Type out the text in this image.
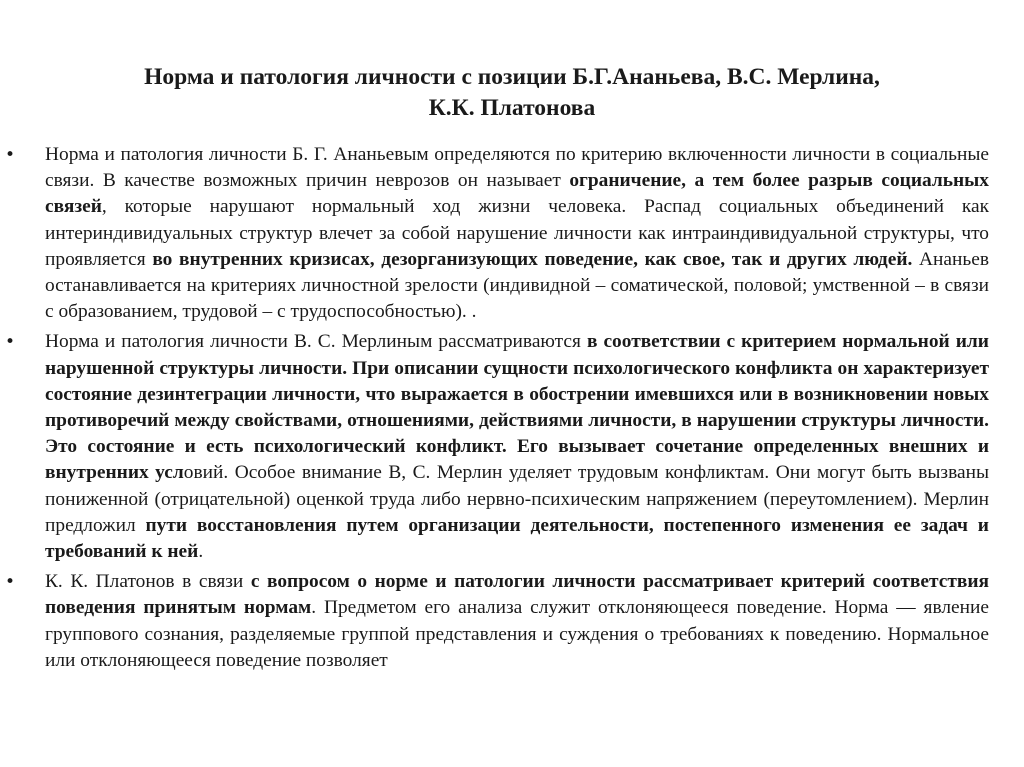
Норма и патология личности с позиции Б.Г.Ананьева, В.С. Мерлина,
К.К. Платонова
• Норма и патология личности Б. Г. Ананьевым определяются по критерию включенности личности в социальные связи. В качестве возможных причин неврозов он называет ограничение, а тем более разрыв социальных связей, которые нарушают нормальный ход жизни человека. Распад социальных объединений как интериндивидуальных структур влечет за собой нарушение личности как интраиндивидуальной структуры, что проявляется во внутренних кризисах, дезорганизующих поведение, как свое, так и других людей. Ананьев останавливается на критериях личностной зрелости (индивидной – соматической, половой; умственной – в связи с образованием, трудовой – с трудоспособностью). .
• Норма и патология личности В. С. Мерлиным рассматриваются в соответствии с критерием нормальной или нарушенной структуры личности. При описании сущности психологического конфликта он характеризует состояние дезинтеграции личности, что выражается в обострении имевшихся или в возникновении новых противоречий между свойствами, отношениями, действиями личности, в нарушении структуры личности. Это состояние и есть психологический конфликт. Его вызывает сочетание определенных внешних и внутренних условий. Особое внимание В, С. Мерлин уделяет трудовым конфликтам. Они могут быть вызваны пониженной (отрицательной) оценкой труда либо нервно-психическим напряжением (переутомлением). Мерлин предложил пути восстановления путем организации деятельности, постепенного изменения ее задач и требований к ней.
• К. К. Платонов в связи с вопросом о норме и патологии личности рассматривает критерий соответствия поведения принятым нормам. Предметом его анализа служит отклоняющееся поведение. Норма — явление группового сознания, разделяемые группой представления и суждения о требованиях к поведению. Нормальное или отклоняющееся поведение позволяет
